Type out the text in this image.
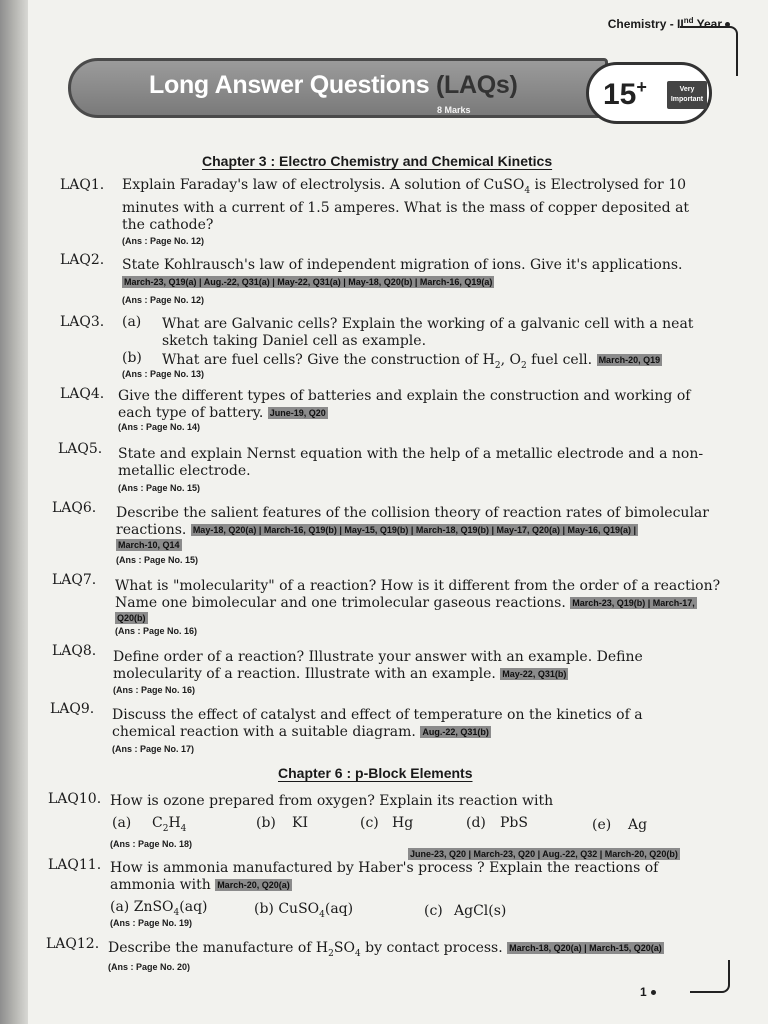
Chemistry - IInd Year
Long Answer Questions (LAQs)
8 Marks	15+	Very Important
Chapter 3 : Electro Chemistry and Chemical Kinetics
LAQ1. Explain Faraday's law of electrolysis. A solution of CuSO$_4$ is Electrolysed for 10
minutes with a current of 1.5 amperes. What is the mass of copper deposited at
the cathode?
(Ans : Page No. 12)
LAQ2. State Kohlrausch's law of independent migration of ions. Give it's applications.
March-23, Q19(a) | Aug.-22, Q31(a) | May-22, Q31(a) | May-18, Q20(b) | March-16, Q19(a)
(Ans : Page No. 12)
LAQ3. (a) What are Galvanic cells? Explain the working of a galvanic cell with a neat
sketch taking Daniel cell as example.
(b) What are fuel cells? Give the construction of $H_2$, $O_2$ fuel cell. March-20, Q19
(Ans : Page No. 13)
LAQ4. Give the different types of batteries and explain the construction and working of
each type of battery. June-19, Q20
(Ans : Page No. 14)
LAQ5. State and explain Nernst equation with the help of a metallic electrode and a non-
metallic electrode.
(Ans : Page No. 15)
LAQ6. Describe the salient features of the collision theory of reaction rates of bimolecular
reactions. May-18, Q20(a) | March-16, Q19(b) | May-15, Q19(b) | March-18, Q19(b) | May-17, Q20(a) | May-16, Q19(a) |
March-10, Q14
(Ans : Page No. 15)
LAQ7. What is "molecularity" of a reaction? How is it different from the order of a reaction?
Name one bimolecular and one trimolecular gaseous reactions. March-23, Q19(b) | March-17,
Q20(b)
(Ans : Page No. 16)
LAQ8. Define order of a reaction? Illustrate your answer with an example. Define
molecularity of a reaction. Illustrate with an example. May-22, Q31(b)
(Ans : Page No. 16)
LAQ9. Discuss the effect of catalyst and effect of temperature on the kinetics of a
chemical reaction with a suitable diagram. Aug.-22, Q31(b)
(Ans : Page No. 17)
Chapter 6 : p-Block Elements
LAQ10. How is ozone prepared from oxygen? Explain its reaction with
(a) $C_2H_4$	(b) KI	(c) Hg	(d) PbS	(e) Ag
(Ans : Page No. 18)
June-23, Q20 | March-23, Q20 | Aug.-22, Q32 | March-20, Q20(b)
LAQ11. How is ammonia manufactured by Haber's process ? Explain the reactions of
ammonia with March-20, Q20(a)
(a) ZnSO$_4$(aq)	(b) CuSO$_4$(aq)	(c) AgCl(s)
(Ans : Page No. 19)
LAQ12. Describe the manufacture of $H_2SO_4$ by contact process. March-18, Q20(a) | March-15, Q20(a)
(Ans : Page No. 20)
1
